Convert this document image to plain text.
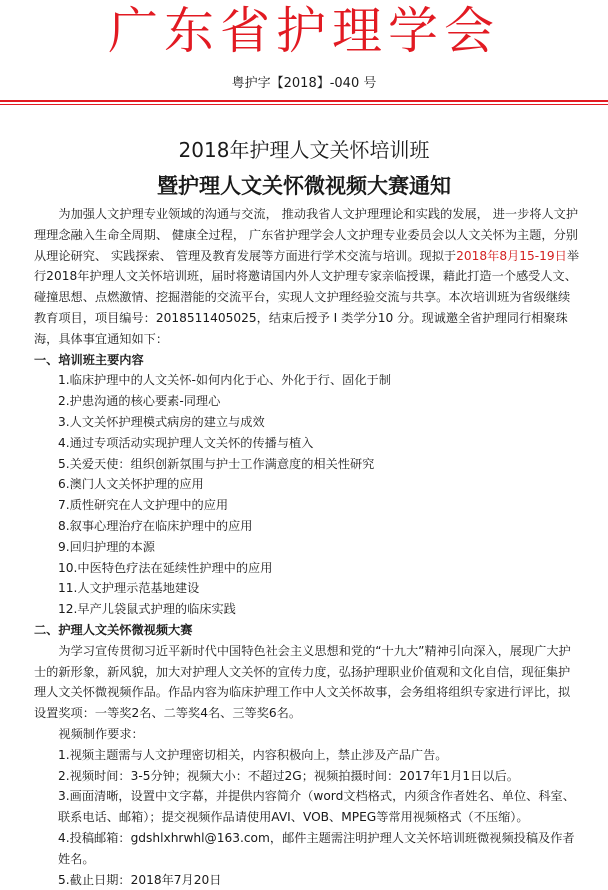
广东省护理学会
粤护字【2018】-040 号
2018年护理人文关怀培训班
暨护理人文关怀微视频大赛通知

为加强人文护理专业领域的沟通与交流， 推动我省人文护理理论和实践的发展， 进一步将人文护理理念融入生命全周期、 健康全过程， 广东省护理学会人文护理专业委员会以人文关怀为主题，分别从理论研究、 实践探索、 管理及教育发展等方面进行学术交流与培训。现拟于2018年8月15-19日举行2018年护理人文关怀培训班，届时将邀请国内外人文护理专家亲临授课，藉此打造一个感受人文、碰撞思想、点燃激情、挖掘潜能的交流平台，实现人文护理经验交流与共享。本次培训班为省级继续教育项目，项目编号：2018511405025，结束后授予 I 类学分10 分。现诚邀全省护理同行相聚珠海，具体事宜通知如下：

一、培训班主要内容

1.临床护理中的人文关怀-如何内化于心、外化于行、固化于制

2.护患沟通的核心要素-同理心

3.人文关怀护理模式病房的建立与成效

4.通过专项活动实现护理人文关怀的传播与植入

5.关爱天使：组织创新氛围与护士工作满意度的相关性研究

6.澳门人文关怀护理的应用

7.质性研究在人文护理中的应用

8.叙事心理治疗在临床护理中的应用

9.回归护理的本源

10.中医特色疗法在延续性护理中的应用

11.人文护理示范基地建设

12.早产儿袋鼠式护理的临床实践

二、护理人文关怀微视频大赛

为学习宣传贯彻习近平新时代中国特色社会主义思想和党的“十九大”精神引向深入，展现广大护士的新形象，新风貌，加大对护理人文关怀的宣传力度，弘扬护理职业价值观和文化自信，现征集护理人文关怀微视频作品。作品内容为临床护理工作中人文关怀故事，会务组将组织专家进行评比，拟设置奖项：一等奖2名、二等奖4名、三等奖6名。

视频制作要求：

1.视频主题需与人文护理密切相关，内容积极向上，禁止涉及产品广告。

2.视频时间：3-5分钟；视频大小：不超过2G；视频拍摄时间：2017年1月1日以后。

3.画面清晰，设置中文字幕，并提供内容简介（word文档格式，内须含作者姓名、单位、科室、联系电话、邮箱）；提交视频作品请使用AVI、VOB、MPEG等常用视频格式（不压缩）。

4.投稿邮箱：gdshlxhrwhl@163.com，邮件主题需注明护理人文关怀培训班微视频投稿及作者姓名。

5.截止日期：2018年7月20日
